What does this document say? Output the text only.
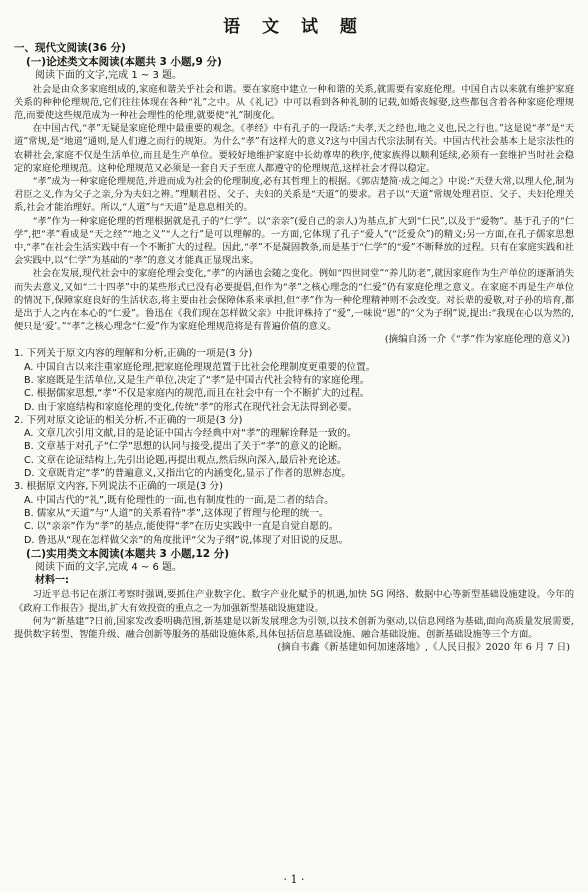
语 文 试 题
一、现代文阅读(36 分)
(一)论述类文本阅读(本题共 3 小题,9 分)
阅读下面的文字,完成 1 ~ 3 题。

社会是由众多家庭组成的,家庭和谐关乎社会和谐。要在家庭中建立一种和谐的关系,就需要有家庭伦理。中国自古以来就有维护家庭关系的种种伦理规范,它们往往体现在各种“礼”之中。从《礼记》中可以看到各种礼制的记载,如婚丧嫁娶,这些都包含着各种家庭伦理规范,而要使这些规范成为一种社会理性的伦理,就要使“礼”制度化。

在中国古代,“孝”无疑是家庭伦理中最重要的观念。《孝经》中有孔子的一段话:“夫孝,天之经也,地之义也,民之行也。”这是说“孝”是“天道”常规,是“地道”通则,是人们遵之而行的规矩。为什么“孝”有这样大的意义?这与中国古代宗法制有关。中国古代社会基本上是宗法性的农耕社会,家庭不仅是生活单位,而且是生产单位。要较好地维护家庭中长幼尊卑的秩序,使家族得以顺利延续,必须有一套维护当时社会稳定的家庭伦理规范。这种伦理规范又必须是一套自天子至庶人都遵守的伦理规范,这样社会才得以稳定。

“孝”成为一种家庭伦理规范,并进而成为社会的伦理制度,必有其哲理上的根据。《郭店楚简·成之闻之》中说:“天登大常,以理人伦,制为君臣之义,作为父子之亲,分为夫妇之辨。”理顺君臣、父子、夫妇的关系是“天道”的要求。君子以“天道”常规处理君臣、父子、夫妇伦理关系,社会才能治理好。所以,“人道”与“天道”是息息相关的。

“孝”作为一种家庭伦理的哲理根据就是孔子的“仁学”。以“亲亲”(爱自己的亲人)为基点,扩大到“仁民”,以及于“爱物”。基于孔子的“仁学”,把“孝”看成是“天之经”“地之义”“人之行”是可以理解的。一方面,它体现了孔子“爱人”(“泛爱众”)的精义;另一方面,在孔子儒家思想中,“孝”在社会生活实践中有一个不断扩大的过程。因此,“孝”不是凝固教条,而是基于“仁学”的“爱”不断释放的过程。只有在家庭实践和社会实践中,以“仁学”为基础的“孝”的意义才能真正显现出来。

社会在发展,现代社会中的家庭伦理会变化,“孝”的内涵也会随之变化。例如“四世同堂”“养儿防老”,就因家庭作为生产单位的逐渐消失而失去意义,又如“二十四孝”中的某些形式已没有必要提倡,但作为“孝”之核心理念的“仁爱”仍有家庭伦理之意义。在家庭不再是生产单位的情况下,保障家庭良好的生活状态,将主要由社会保障体系来承担,但“孝”作为一种伦理精神则不会改变。对长辈的爱敬,对子孙的培育,都是出于人之内在本心的“仁爱”。鲁迅在《我们现在怎样做父亲》中批评株持了“爱”,一味说“恩”的“父为子纲”说,提出:“我现在心以为然的,便只是‘爱’。”“孝”之核心理念“仁爱”作为家庭伦理规范将是有普遍价值的意义。

(摘编自汤一介《“孝”作为家庭伦理的意义》)
1. 下列关于原文内容的理解和分析,正确的一项是(3 分)
A. 中国自古以来注重家庭伦理,把家庭伦理规范置于比社会伦理制度更重要的位置。
B. 家庭既是生活单位,又是生产单位,决定了“孝”是中国古代社会特有的家庭伦理。
C. 根据儒家思想,“孝”不仅是家庭内的规范,而且在社会中有一个不断扩大的过程。
D. 由于家庭结构和家庭伦理的变化,传统“孝”的形式在现代社会无法得到必要。
2. 下列对原文论证的相关分析,不正确的一项是(3 分)
A. 文章几次引用文献,目的是论证中国古今经典中对“孝”的理解诠释是一致的。
B. 文章基于对孔子“仁学”思想的认同与接受,提出了关于“孝”的意义的论断。
C. 文章在论证结构上,先引出论题,再提出观点,然后纵向深入,最后补充论述。
D. 文章既肯定“孝”的普遍意义,又指出它的内涵变化,显示了作者的思辨态度。
3. 根据原文内容,下列说法不正确的一项是(3 分)
A. 中国古代的“礼”,既有伦理性的一面,也有制度性的一面,是二者的结合。
B. 儒家从“天道”与“人道”的关系看待“孝”,这体现了哲理与伦理的统一。
C. 以“亲亲”作为“孝”的基点,能使得“孝”在历史实践中一直是自觉自愿的。
D. 鲁迅从“现在怎样做父亲”的角度批评“父为子纲”说,体现了对旧说的反思。
(二)实用类文本阅读(本题共 3 小题,12 分)
阅读下面的文字,完成 4 ~ 6 题。
材料一:

习近平总书记在浙江考察时强调,要抓住产业数字化、数字产业化赋予的机遇,加快 5G 网络、数据中心等新型基础设施建设。今年的《政府工作报告》提出,扩大有效投资的重点之一为加强新型基础设施建设。

何为“新基建”?日前,国家发改委明确范围,新基建是以新发展理念为引领,以技术创新为驱动,以信息网络为基础,面向高质量发展需要,提供数字转型、智能升级、融合创新等服务的基础设施体系,具体包括信息基础设施、融合基础设施、创新基础设施等三个方面。

(摘自韦鑫《新基建如何加速落地》,《人民日报》2020 年 6 月 7 日)
· 1 ·
